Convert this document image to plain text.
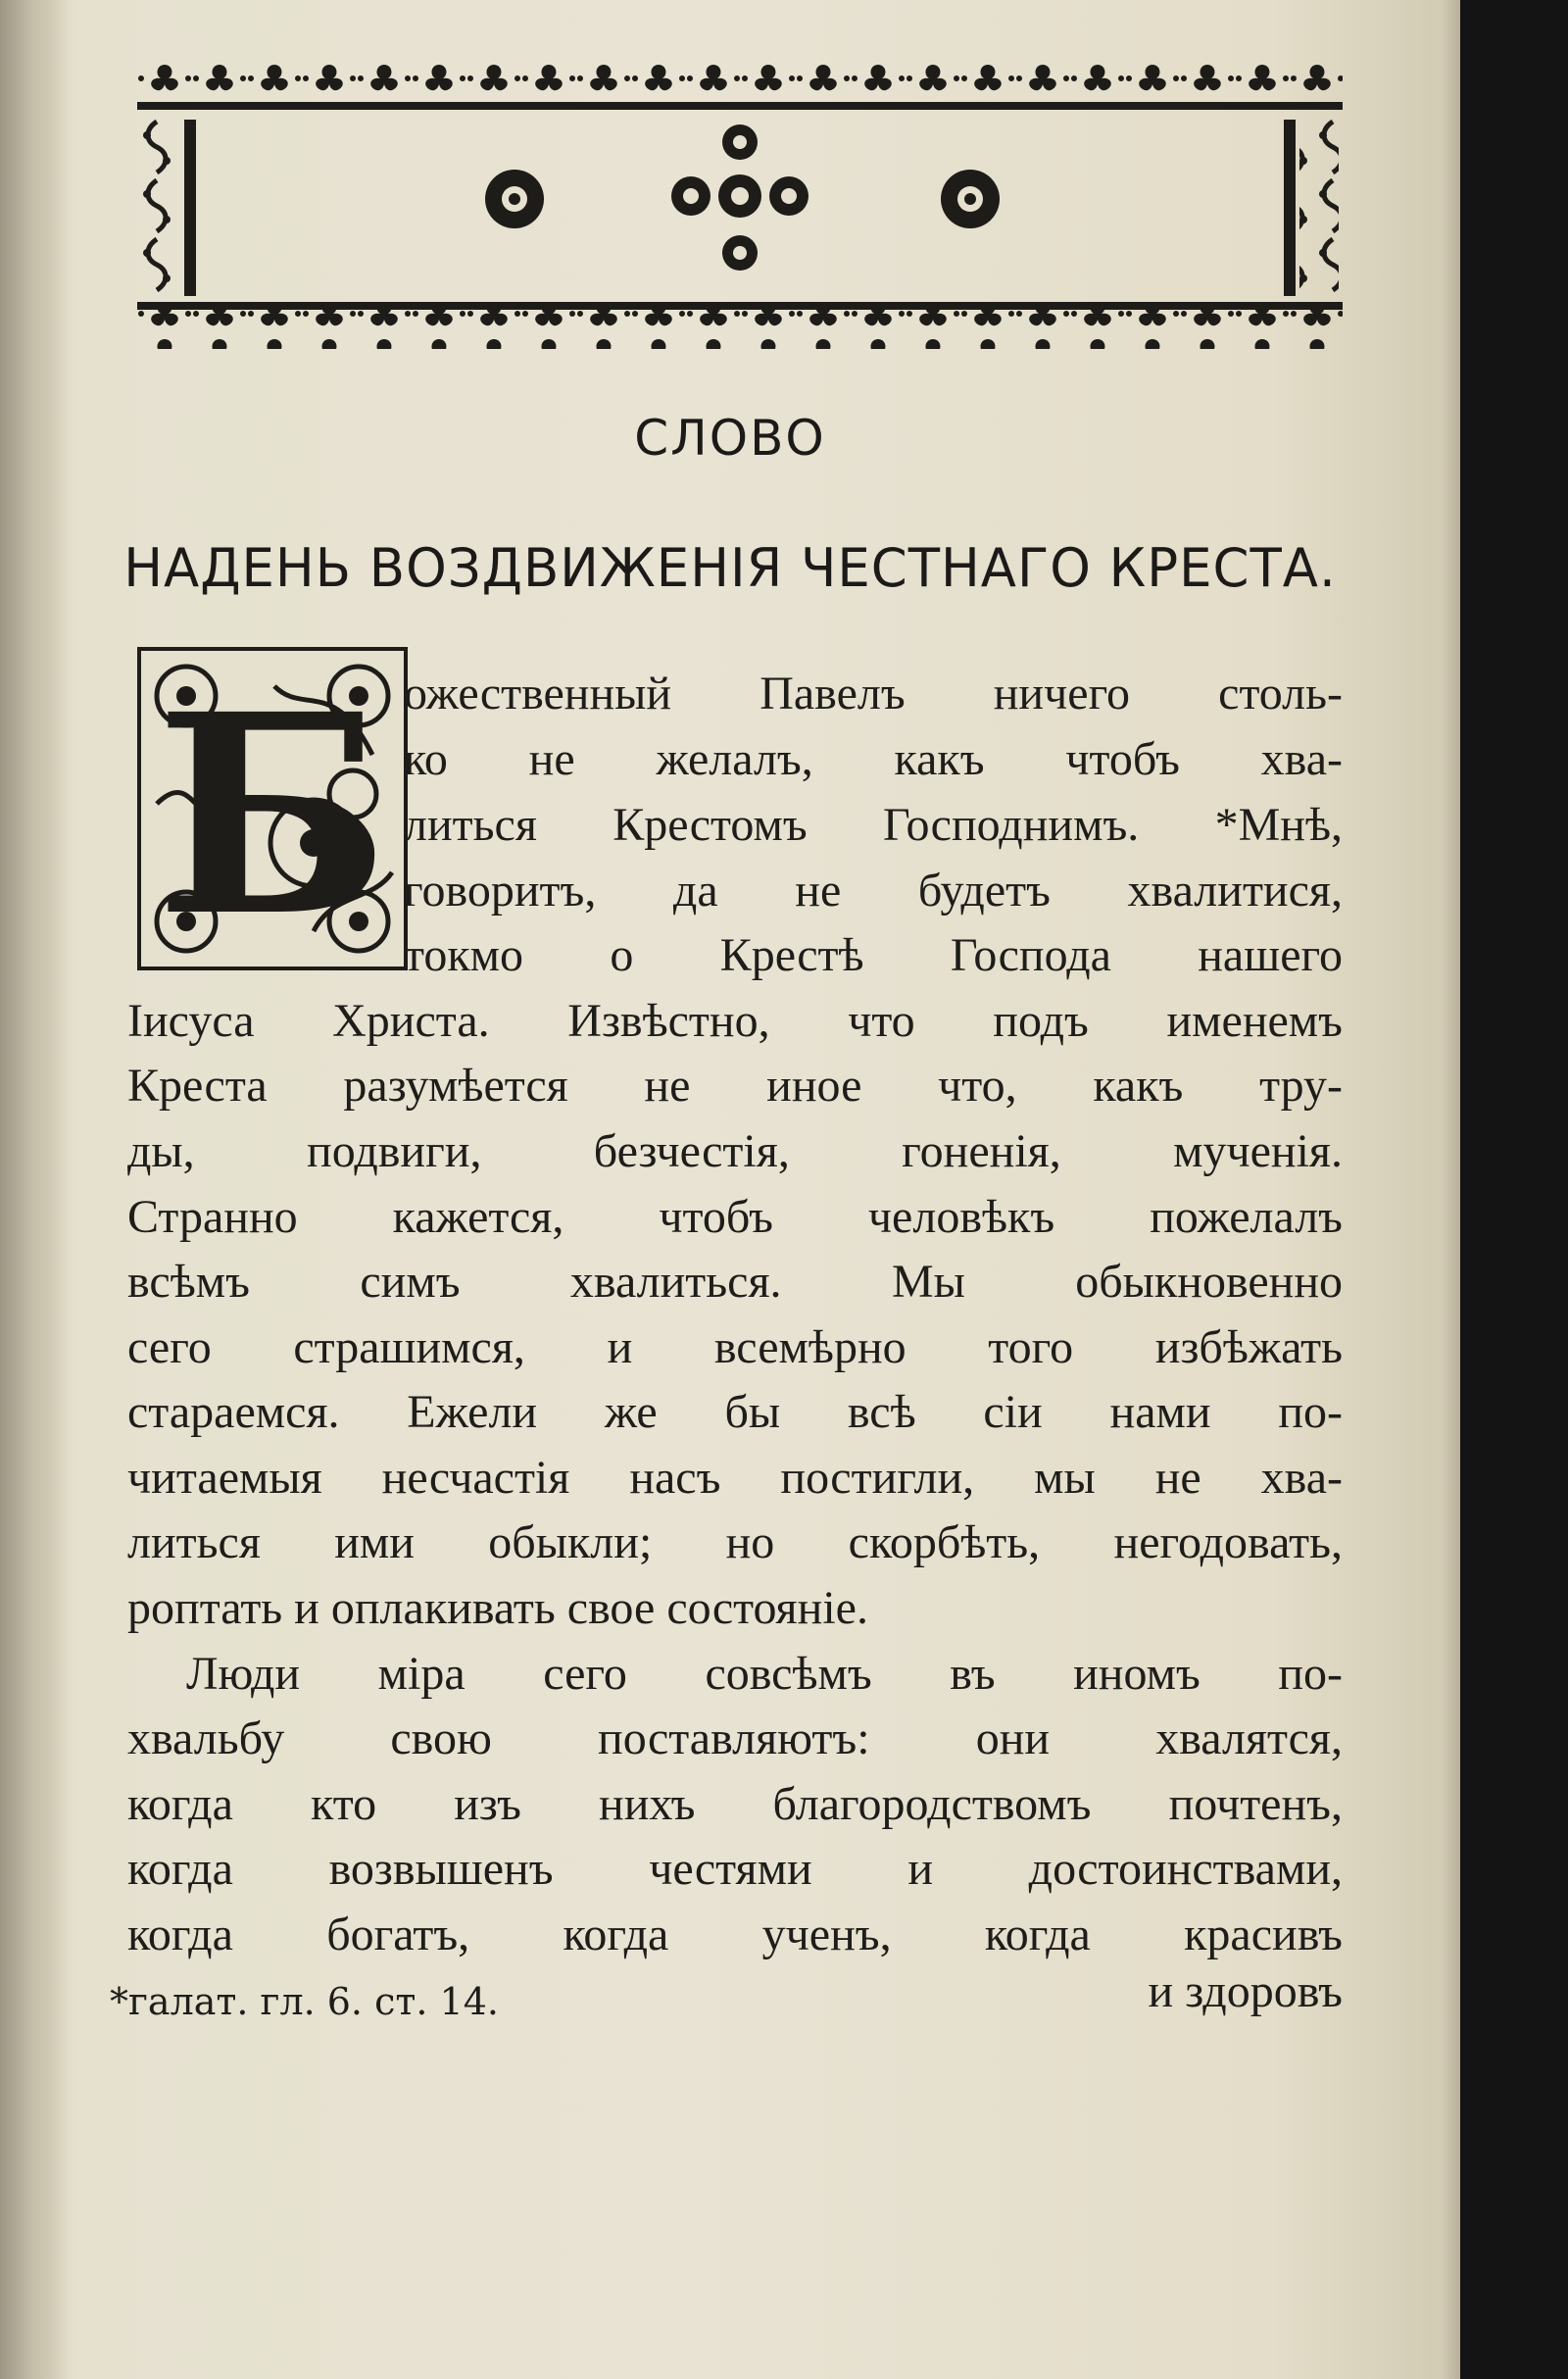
СЛОВО
НАДЕНЬ ВОЗДВИЖЕНІЯ ЧЕСТНАГО КРЕСТА.
Б ожественный Павелъ ничего столь-
ко не желалъ, какъ чтобъ хва-
литься Крестомъ Господнимъ. *Мнѣ,
говоритъ, да не будетъ хвалитися,
токмо о Крестѣ Господа нашего
Іисуса Христа. Извѣстно, что подъ именемъ
Креста разумѣется не иное что, какъ тру-
ды, подвиги, безчестія, гоненія, мученія.
Странно кажется, чтобъ человѣкъ пожелалъ
всѣмъ симъ хвалиться. Мы обыкновенно
сего страшимся, и всемѣрно того избѣжать
стараемся. Ежели же бы всѣ сіи нами по-
читаемыя несчастія насъ постигли, мы не хва-
литься ими обыкли; но скорбѣть, негодовать,
роптать и оплакивать свое состояніе.
Люди міра сего совсѣмъ въ иномъ по-
хвальбу свою поставляютъ: они хвалятся,
когда кто изъ нихъ благородствомъ почтенъ,
когда возвышенъ честями и достоинствами,
когда богатъ, когда ученъ, когда красивъ
и здоровъ
*галат. гл. 6. ст. 14.
